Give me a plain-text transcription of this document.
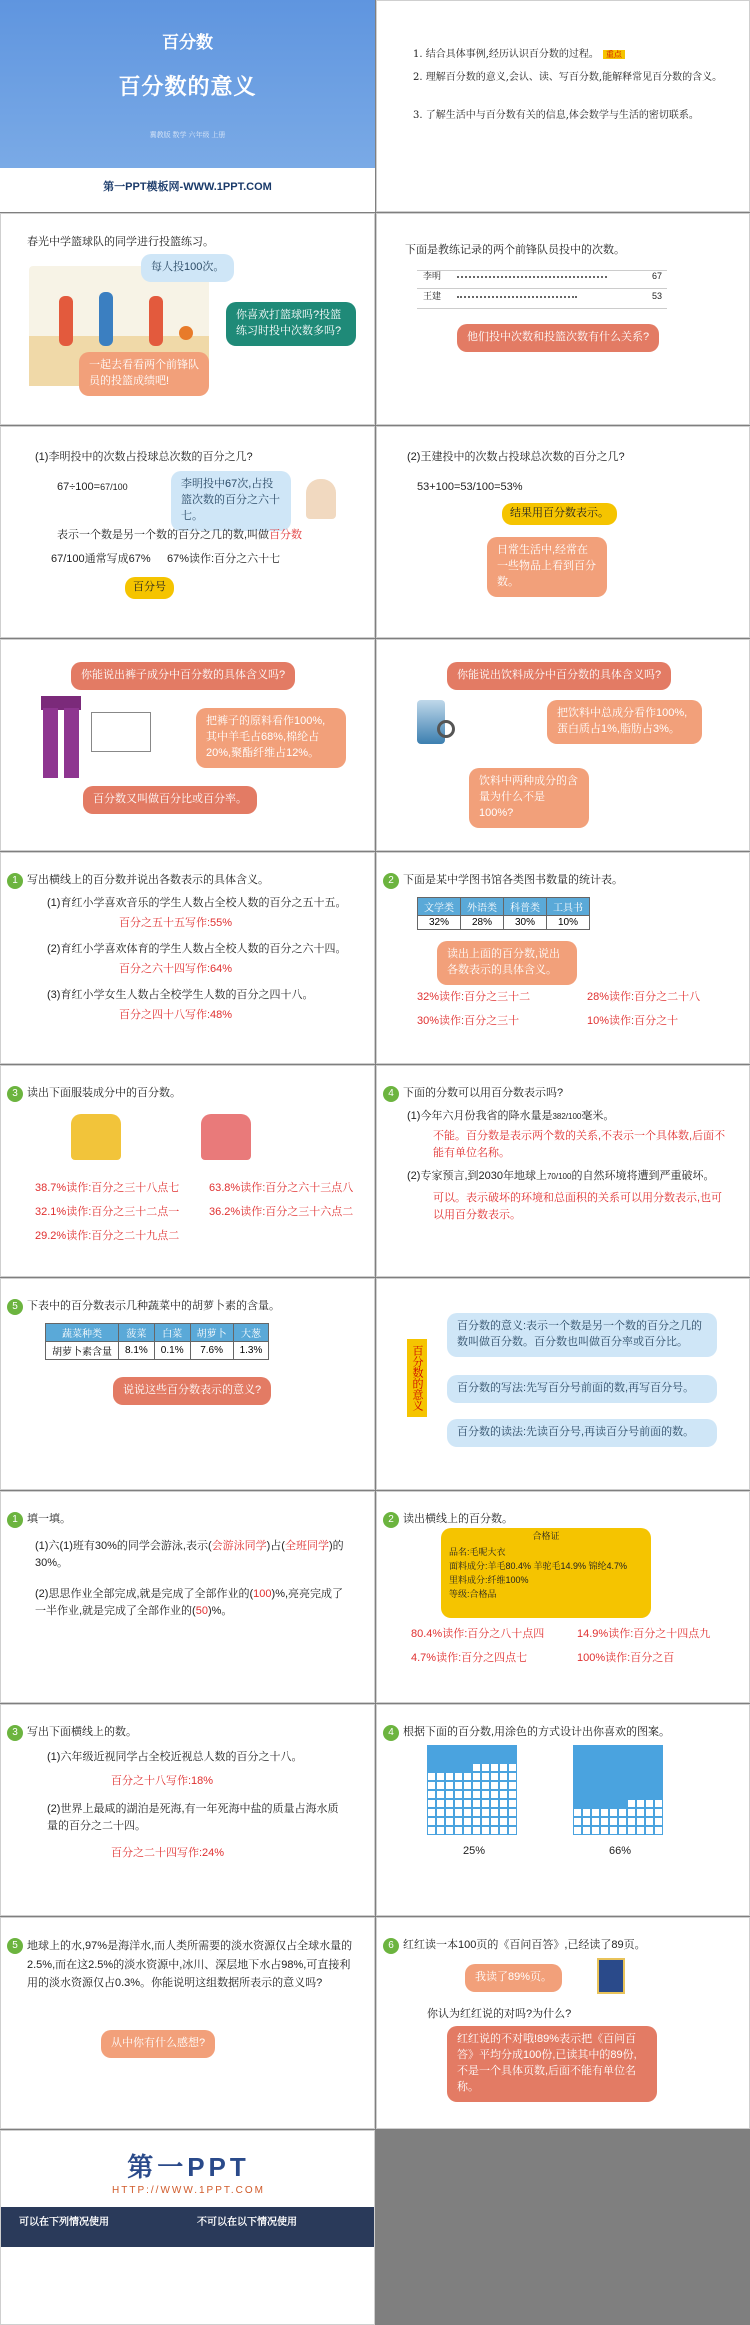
百分数
百分数的意义
冀教版 数学 六年级 上册
第一PPT模板网-WWW.1PPT.COM
1. 结合具体事例,经历认识百分数的过程。 重点
2. 理解百分数的意义,会认、读、写百分数,能解释常见百分数的含义。
3. 了解生活中与百分数有关的信息,体会数学与生活的密切联系。
春光中学篮球队的同学进行投篮练习。
每人投100次。
你喜欢打篮球吗?投篮练习时投中次数多吗?
一起去看看两个前锋队员的投篮成绩吧!
下面是教练记录的两个前锋队员投中的次数。
李明	67
王建	53
他们投中次数和投篮次数有什么关系?
(1)李明投中的次数占投球总次数的百分之几?
67÷100=67/100	李明投中67次,占投篮次数的百分之六十七。
表示一个数是另一个数的百分之几的数,叫做百分数
67/100通常写成67% 67%读作:百分之六十七
百分号
(2)王建投中的次数占投球总次数的百分之几?
53+100=53/100=53%
结果用百分数表示。
日常生活中,经常在一些物品上看到百分数。
你能说出裤子成分中百分数的具体含义吗?
把裤子的原料看作100%,其中羊毛占68%,棉纶占20%,聚酯纤维占12%。
百分数又叫做百分比或百分率。
你能说出饮料成分中百分数的具体含义吗?
把饮料中总成分看作100%,蛋白质占1%,脂肪占3%。
饮料中两种成分的含量为什么不是100%?
1 写出横线上的百分数并说出各数表示的具体含义。
(1)育红小学喜欢音乐的学生人数占全校人数的百分之五十五。
百分之五十五写作:55%
(2)育红小学喜欢体育的学生人数占全校人数的百分之六十四。
百分之六十四写作:64%
(3)育红小学女生人数占全校学生人数的百分之四十八。
百分之四十八写作:48%
2 下面是某中学图书馆各类图书数量的统计表。
文学类	外语类	科普类	工具书
32%	28%	30%	10%
读出上面的百分数,说出各数表示的具体含义。
32%读作:百分之三十二	28%读作:百分之二十八
30%读作:百分之三十	10%读作:百分之十
3 读出下面服装成分中的百分数。
38.7%读作:百分之三十八点七	63.8%读作:百分之六十三点八
32.1%读作:百分之三十二点一	36.2%读作:百分之三十六点二
29.2%读作:百分之二十九点二
4 下面的分数可以用百分数表示吗?
(1)今年六月份我省的降水量是382/100毫米。
不能。百分数是表示两个数的关系,不表示一个具体数,后面不能有单位名称。
(2)专家预言,到2030年地球上70/100的自然环境将遭到严重破坏。
可以。表示破坏的环境和总面积的关系可以用分数表示,也可以用百分数表示。
5 下表中的百分数表示几种蔬菜中的胡萝卜素的含量。
蔬菜种类	菠菜	白菜	胡萝卜	大葱
胡萝卜素含量	8.1%	0.1%	7.6%	1.3%
说说这些百分数表示的意义?	百分数的意义
百分数的意义:表示一个数是另一个数的百分之几的数叫做百分数。百分数也叫做百分率或百分比。
百分数的写法:先写百分号前面的数,再写百分号。
百分数的读法:先读百分号,再读百分号前面的数。
1 填一填。
(1)六(1)班有30%的同学会游泳,表示(会游泳同学)占(全班同学)的30%。
(2)思思作业全部完成,就是完成了全部作业的(100)%,亮亮完成了一半作业,就是完成了全部作业的(50)%。
2 读出横线上的百分数。
合格证
品名:毛呢大衣
面料成分:羊毛80.4% 羊驼毛14.9% 锦纶4.7%
里料成分:纤维100%
等级:合格品
80.4%读作:百分之八十点四	14.9%读作:百分之十四点九
4.7%读作:百分之四点七	100%读作:百分之百
3 写出下面横线上的数。
(1)六年级近视同学占全校近视总人数的百分之十八。
百分之十八写作:18%
(2)世界上最咸的湖泊是死海,有一年死海中盐的质量占海水质量的百分之二十四。
百分之二十四写作:24%
4 根据下面的百分数,用涂色的方式设计出你喜欢的图案。
25%	66%
5 地球上的水,97%是海洋水,而人类所需要的淡水资源仅占全球水量的2.5%,而在这2.5%的淡水资源中,冰川、深层地下水占98%,可直接利用的淡水资源仅占0.3%。你能说明这组数据所表示的意义吗?
从中你有什么感想?
6 红红读一本100页的《百问百答》,已经读了89页。
我读了89%页。
你认为红红说的对吗?为什么?
红红说的不对哦!89%表示把《百问百答》平均分成100份,已读其中的89份,不是一个具体页数,后面不能有单位名称。
第一PPT
HTTP://WWW.1PPT.COM
可以在下列情况使用	不可以在以下情况使用
